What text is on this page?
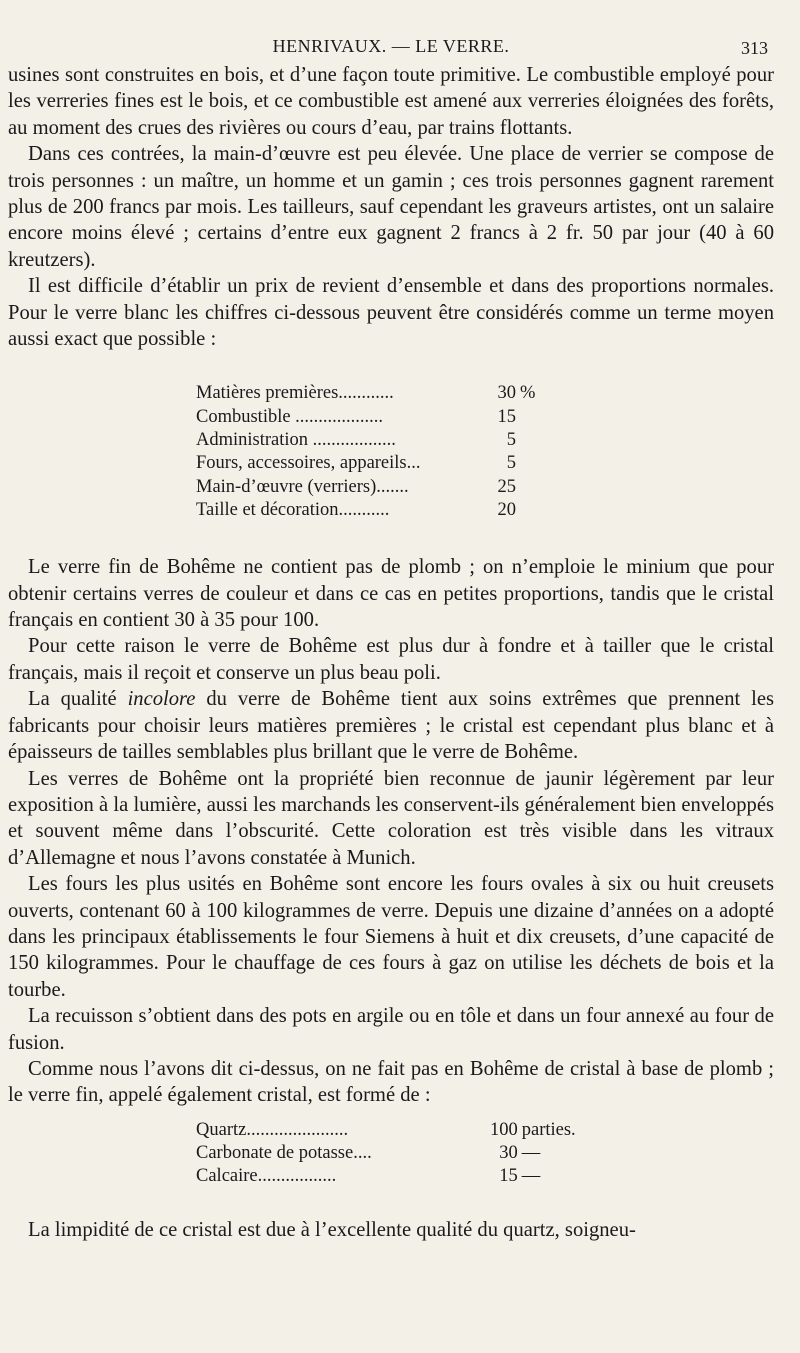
HENRIVAUX. — LE VERRE.	313

usines sont construites en bois, et d’une façon toute primitive. Le combustible employé pour les verreries fines est le bois, et ce combustible est amené aux verreries éloignées des forêts, au moment des crues des rivières ou cours d’eau, par trains flottants.

Dans ces contrées, la main-d’œuvre est peu élevée. Une place de verrier se compose de trois personnes : un maître, un homme et un gamin ; ces trois personnes gagnent rarement plus de 200 francs par mois. Les tailleurs, sauf cependant les graveurs artistes, ont un salaire encore moins élevé ; certains d’entre eux gagnent 2 francs à 2 fr. 50 par jour (40 à 60 kreutzers).

Il est difficile d’établir un prix de revient d’ensemble et dans des proportions normales. Pour le verre blanc les chiffres ci-dessous peuvent être considérés comme un terme moyen aussi exact que possible :

Matières premières............	30	%
Combustible ...................	15	
Administration ..................	5	
Fours, accessoires, appareils...	5	
Main-d’œuvre (verriers).......	25	
Taille et décoration...........	20	

Le verre fin de Bohême ne contient pas de plomb ; on n’emploie le minium que pour obtenir certains verres de couleur et dans ce cas en petites proportions, tandis que le cristal français en contient 30 à 35 pour 100.

Pour cette raison le verre de Bohême est plus dur à fondre et à tailler que le cristal français, mais il reçoit et conserve un plus beau poli.

La qualité incolore du verre de Bohême tient aux soins extrêmes que prennent les fabricants pour choisir leurs matières premières ; le cristal est cependant plus blanc et à épaisseurs de tailles semblables plus brillant que le verre de Bohême.

Les verres de Bohême ont la propriété bien reconnue de jaunir légèrement par leur exposition à la lumière, aussi les marchands les conservent-ils généralement bien enveloppés et souvent même dans l’obscurité. Cette coloration est très visible dans les vitraux d’Allemagne et nous l’avons constatée à Munich.

Les fours les plus usités en Bohême sont encore les fours ovales à six ou huit creusets ouverts, contenant 60 à 100 kilogrammes de verre. Depuis une dizaine d’années on a adopté dans les principaux établissements le four Siemens à huit et dix creusets, d’une capacité de 150 kilogrammes. Pour le chauffage de ces fours à gaz on utilise les déchets de bois et la tourbe.

La recuisson s’obtient dans des pots en argile ou en tôle et dans un four annexé au four de fusion.

Comme nous l’avons dit ci-dessus, on ne fait pas en Bohême de cristal à base de plomb ; le verre fin, appelé également cristal, est formé de :

Quartz......................	100	parties.
Carbonate de potasse....	30	—
Calcaire.................	15	—

La limpidité de ce cristal est due à l’excellente qualité du quartz, soigneu-
